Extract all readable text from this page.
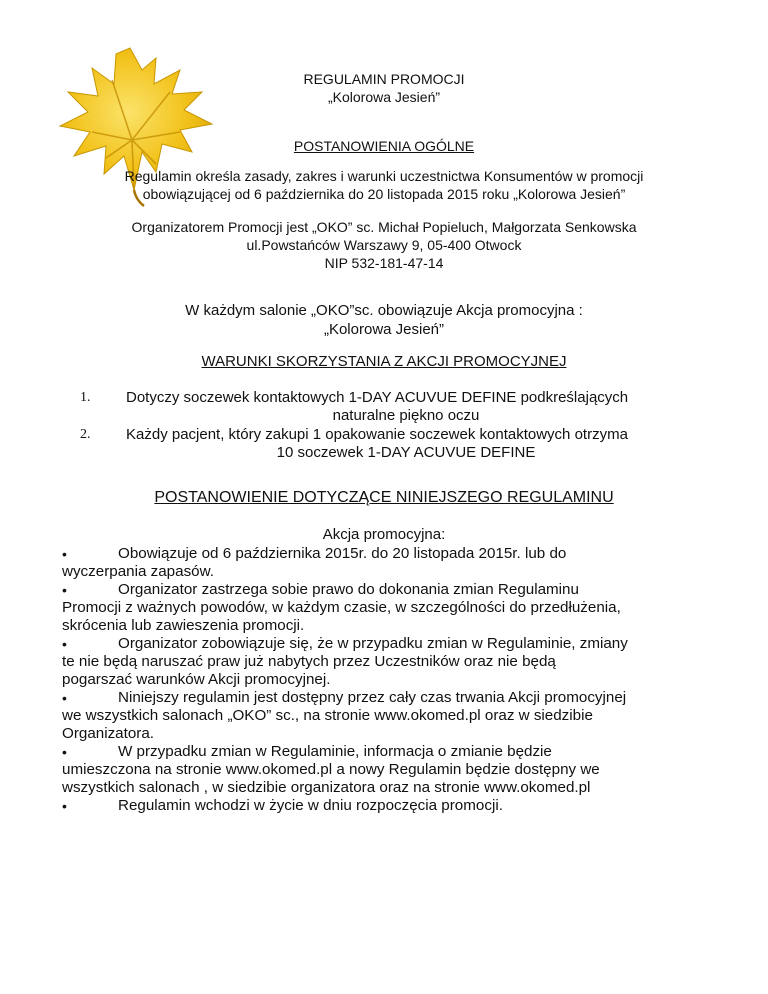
REGULAMIN PROMOCJI
„Kolorowa Jesień”
POSTANOWIENIA OGÓLNE
Regulamin określa zasady, zakres i warunki uczestnictwa Konsumentów w promocji
obowiązującej od 6 października do 20 listopada 2015 roku „Kolorowa Jesień”
Organizatorem Promocji jest „OKO” sc. Michał Popieluch, Małgorzata Senkowska
ul.Powstańców Warszawy 9, 05-400 Otwock
NIP 532-181-47-14
W każdym salonie „OKO”sc. obowiązuje Akcja promocyjna :
„Kolorowa Jesień”
WARUNKI SKORZYSTANIA Z AKCJI PROMOCYJNEJ
1. Dotyczy soczewek kontaktowych 1-DAY ACUVUE DEFINE podkreślających
naturalne piękno oczu
2. Każdy pacjent, który zakupi 1 opakowanie soczewek kontaktowych otrzyma
10 soczewek 1-DAY ACUVUE DEFINE
POSTANOWIENIE DOTYCZĄCE NINIEJSZEGO REGULAMINU
Akcja promocyjna:
•	Obowiązuje od 6 października 2015r. do 20 listopada 2015r. lub do
wyczerpania zapasów.
•	Organizator zastrzega sobie prawo do dokonania zmian Regulaminu
Promocji z ważnych powodów, w każdym czasie, w szczególności do przedłużenia,
skrócenia lub zawieszenia promocji.
•	Organizator zobowiązuje się, że w przypadku zmian w Regulaminie, zmiany
te nie będą naruszać praw już nabytych przez Uczestników oraz nie będą
pogarszać warunków Akcji promocyjnej.
•	Niniejszy regulamin jest dostępny przez cały czas trwania Akcji promocyjnej
we wszystkich salonach „OKO” sc., na stronie www.okomed.pl oraz w siedzibie
Organizatora.
•	W przypadku zmian w Regulaminie, informacja o zmianie będzie
umieszczona na stronie www.okomed.pl a nowy Regulamin będzie dostępny we
wszystkich salonach , w siedzibie organizatora oraz na stronie www.okomed.pl
•	Regulamin wchodzi w życie w dniu rozpoczęcia promocji.
